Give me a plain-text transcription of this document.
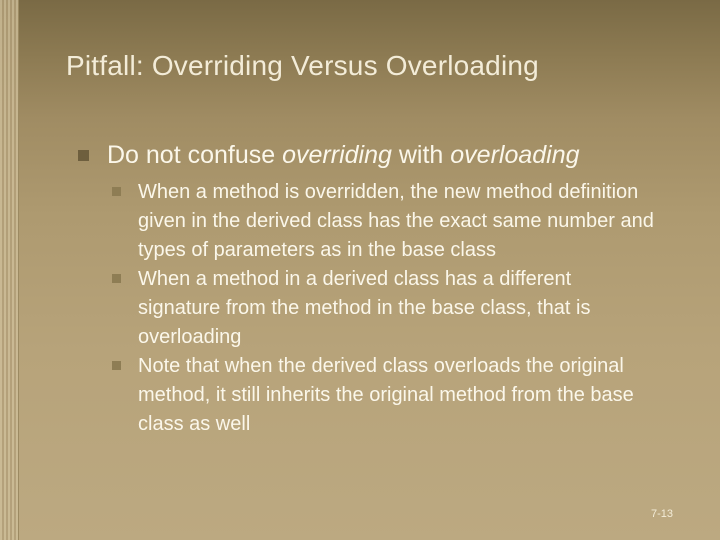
Pitfall: Overriding Versus Overloading
Do not confuse overriding with overloading
When a method is overridden, the new method definition given in the derived class has the exact same number and types of parameters as in the base class
When a method in a derived class has a different signature from the method in the base class, that is overloading
Note that when the derived class overloads the original method, it still inherits the original method from the base class as well
7-13
